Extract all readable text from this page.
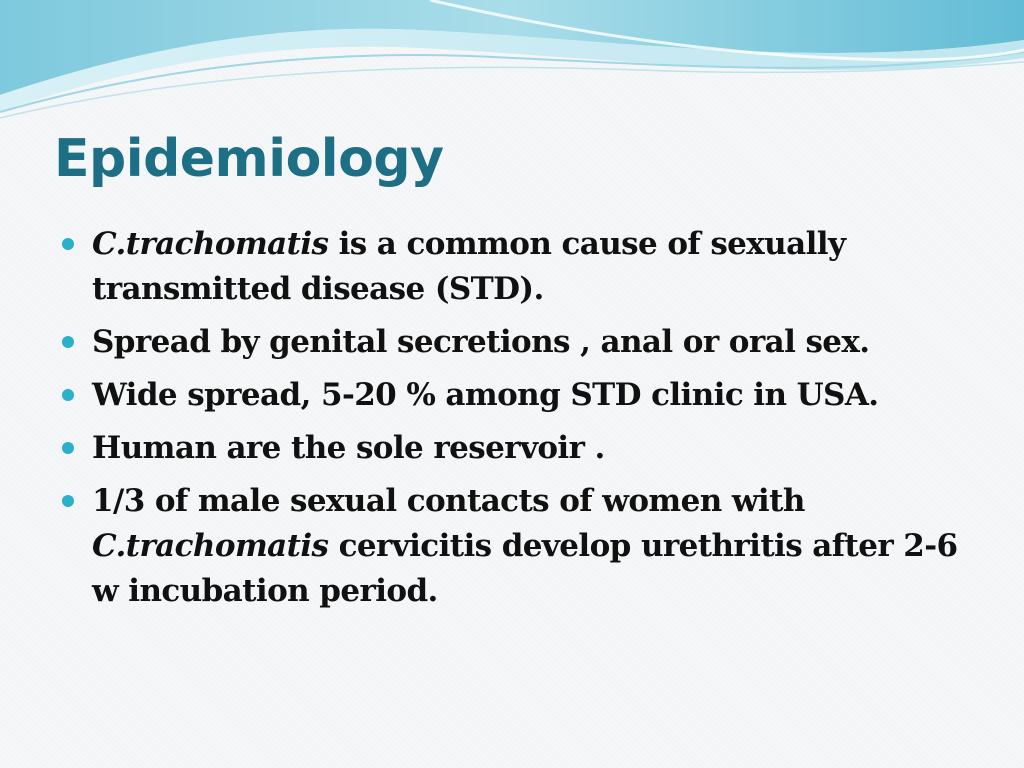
Epidemiology
C.trachomatis is a common cause of sexually transmitted disease (STD).
Spread by genital secretions , anal or oral sex.
Wide spread, 5-20 % among STD clinic in USA.
Human are the sole reservoir .
1/3 of male sexual contacts of women with C.trachomatis cervicitis develop urethritis after 2-6 w incubation period.
